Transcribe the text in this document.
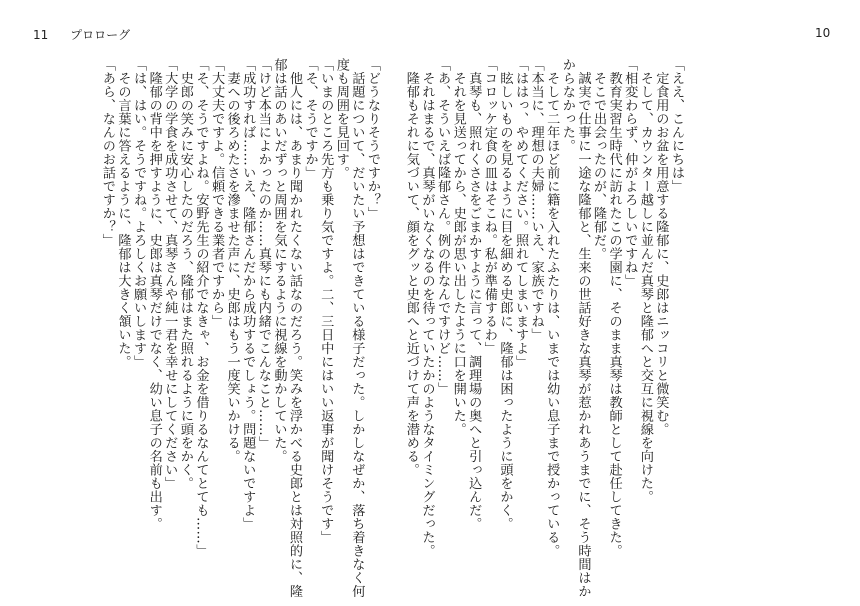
11 プロローグ	10
「ええ、こんにちは」
　定食用のお盆を用意する隆郁に、史郎はニッコリと微笑む。
　そして、カウンター越しに並んだ真琴と隆郁へと交互に視線を向けた。
「相変わらず、仲がよろしいですね」
　教育実習生時代に訪れたこの学園に、そのまま真琴は教師として赴任してきた。
　そこで出会ったのが、隆郁だ。
　誠実で仕事に一途な隆郁と、生来の世話好きな真琴が惹かれあうまでに、そう時間はか
からなかった。
　そして二年ほど前に籍を入れたふたりは、いまでは幼い息子まで授かっている。
「本当に、理想の夫婦……いえ、家族ですね」
「ははっ、やめてください。照れてしまいますよ」
　眩しいものを見るように目を細める史郎に、隆郁は困ったように頭をかく。
「コロッケ定食の皿はそこね。私が準備するわ」
　真琴も、照れくささをごまかすように言って、調理場の奥へと引っ込んだ。
　それを見送ってから、史郎が思い出したように口を開いた。
「あ、そういえば隆郁さん。例の件なんですけど……」
　それはまるで、真琴がいなくなるのを待っていたかのようなタイミングだった。
　隆郁もそれに気づいて、顔をグッと史郎へと近づけて声を潜める。
「どうなりそうですか？」
　話題について、だいたい予想はできている様子だった。しかしなぜか、落ち着きなく何
度も周囲を見回す。
「いまのところ先方も乗り気ですよ。二、三日中にはいい返事が聞けそうです」
「そ、そうですか」
　他人には、あまり聞かれたくない話なのだろう。笑みを浮かべる史郎とは対照的に、隆
郁は話のあいだずっと周囲を気にするように視線を動かしていた。
「けど本当によかったのか……真琴にも内緒でこんなこと……」
「成功すれば……いえ、隆郁さんだから成功するでしょう。問題ないですよ」
　妻への後ろめたさを滲ませた声に、史郎はもう一度笑いかける。
「大丈夫ですよ。信頼できる業者ですから」
「そ、そうですよね。安野先生の紹介でなきゃ、お金を借りるなんてとても……」
　史郎の笑みに安心したのだろう、隆郁はまた照れるように頭をかく。
「大学の学食を成功させて、真琴さんや純一君を幸せにしてください」
　隆郁の背中を押すように、史郎は真琴だけでなく、幼い息子の名前も出す。
「は、はい。そうですね。よろしくお願いします」
　その言葉に答えるように、隆郁は大きく頷いた。
「あら、なんのお話ですか？」
